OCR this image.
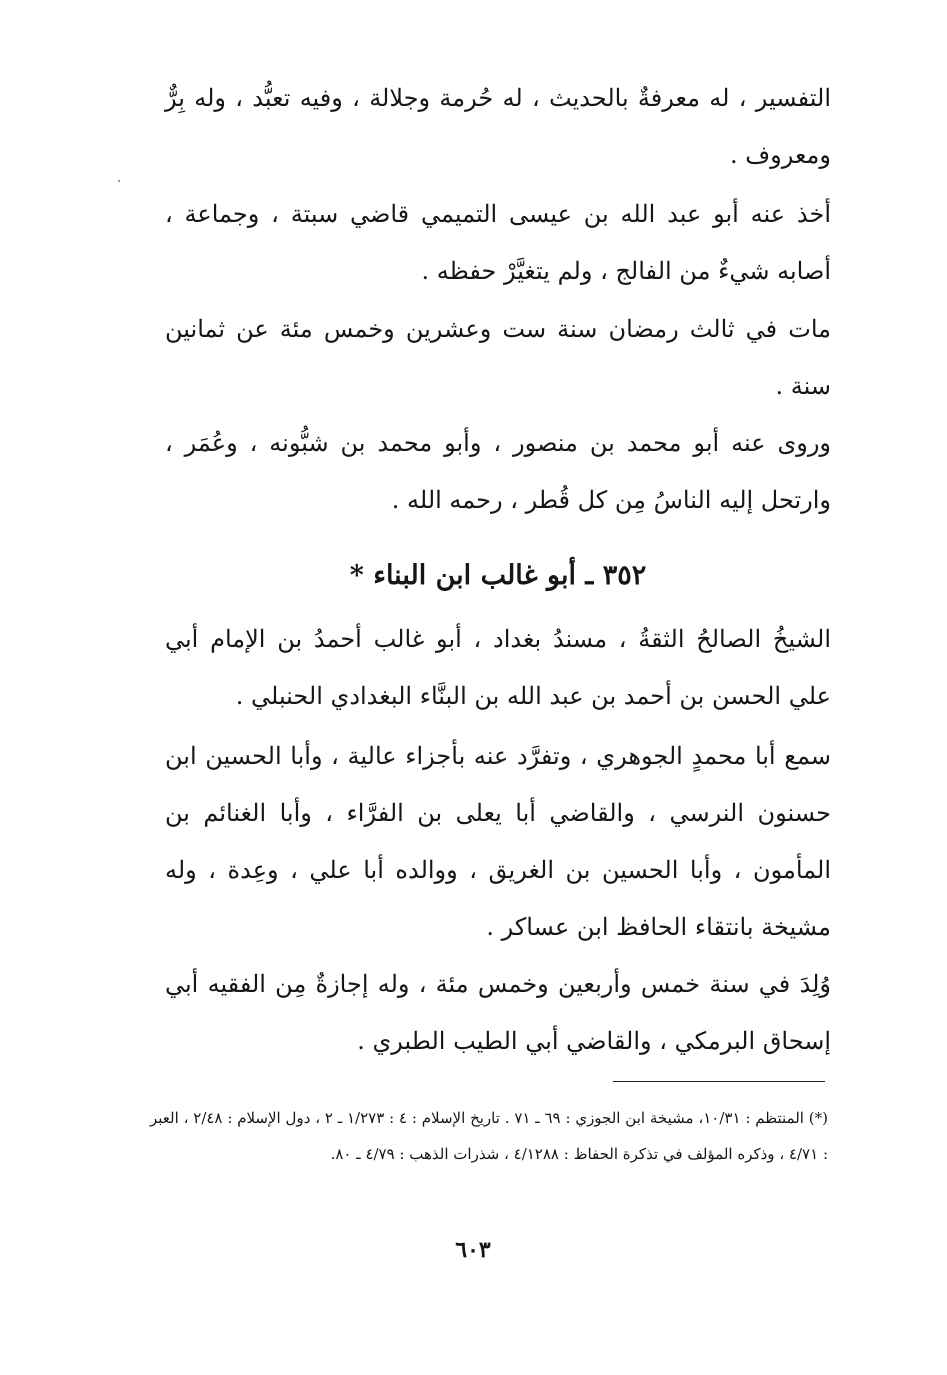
التفسير ، له معرفةٌ بالحديث ، له حُرمة وجلالة ، وفيه تعبُّد ، وله بِرٌّ ومعروف .

أخذ عنه أبو عبد الله بن عيسى التميمي قاضي سبتة ، وجماعة ، أصابه شيءٌ من الفالج ، ولم يتغيَّرْ حفظه .

مات في ثالث رمضان سنة ست وعشرين وخمس مئة عن ثمانين سنة .

وروى عنه أبو محمد بن منصور ، وأبو محمد بن شبُّونه ، وعُمَر ، وارتحل إليه الناسُ مِن كل قُطر ، رحمه الله .

٣٥٢ ـ أبو غالب ابن البناء *

الشيخُ الصالحُ الثقةُ ، مسندُ بغداد ، أبو غالب أحمدُ بن الإمام أبي علي الحسن بن أحمد بن عبد الله بن البنَّاء البغدادي الحنبلي .

سمع أبا محمدٍ الجوهري ، وتفرَّد عنه بأجزاء عالية ، وأبا الحسين ابن حسنون النرسي ، والقاضي أبا يعلى بن الفرَّاء ، وأبا الغنائم بن المأمون ، وأبا الحسين بن الغريق ، ووالده أبا علي ، وعِدة ، وله مشيخة بانتقاء الحافظ ابن عساكر .

وُلِدَ في سنة خمس وأربعين وخمس مئة ، وله إجازةٌ مِن الفقيه أبي إسحاق البرمكي ، والقاضي أبي الطيب الطبري .

(*) المنتظم : ١٠/٣١، مشيخة ابن الجوزي : ٦٩ ـ ٧١ . تاريخ الإسلام : ٤ : ١/٢٧٣ ـ ٢ ، دول الإسلام : ٢/٤٨ ، العبر : ٤/٧١ ، وذكره المؤلف في تذكرة الحفاظ : ٤/١٢٨٨ ، شذرات الذهب : ٤/٧٩ ـ ٨٠.

٦٠٣
